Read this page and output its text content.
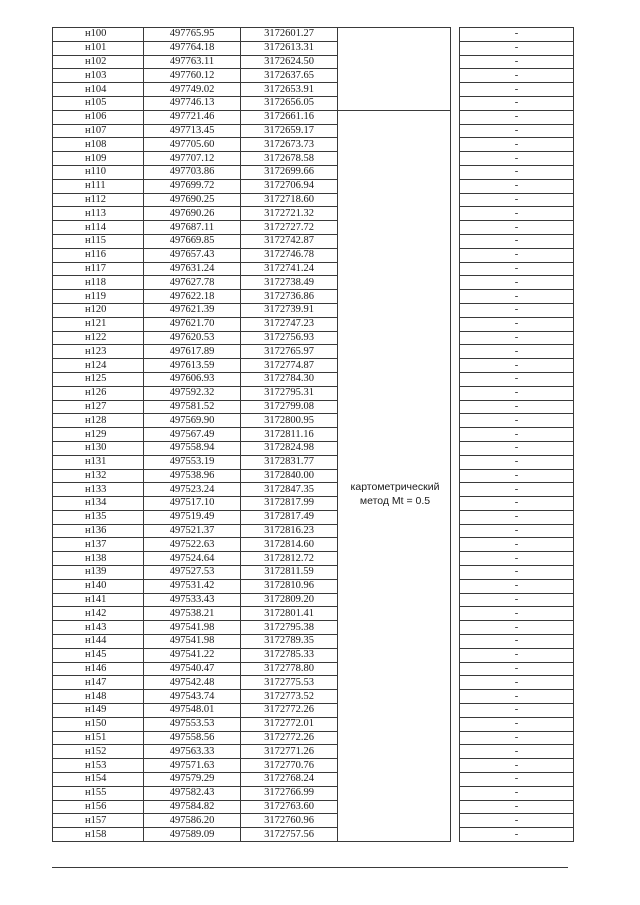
н100	497765.95	3172601.27			-
н101	497764.18	3172613.31			-
н102	497763.11	3172624.50			-
н103	497760.12	3172637.65			-
н104	497749.02	3172653.91			-
н105	497746.13	3172656.05			-
н106	497721.46	3172661.16			-
н107	497713.45	3172659.17			-
н108	497705.60	3172673.73			-
н109	497707.12	3172678.58			-
н110	497703.86	3172699.66			-
н111	497699.72	3172706.94			-
н112	497690.25	3172718.60			-
н113	497690.26	3172721.32			-
н114	497687.11	3172727.72			-
н115	497669.85	3172742.87			-
н116	497657.43	3172746.78			-
н117	497631.24	3172741.24			-
н118	497627.78	3172738.49			-
н119	497622.18	3172736.86			-
н120	497621.39	3172739.91			-
н121	497621.70	3172747.23			-
н122	497620.53	3172756.93			-
н123	497617.89	3172765.97			-
н124	497613.59	3172774.87			-
н125	497606.93	3172784.30			-
н126	497592.32	3172795.31			-
н127	497581.52	3172799.08			-
н128	497569.90	3172800.95			-
н129	497567.49	3172811.16			-
н130	497558.94	3172824.98			-
н131	497553.19	3172831.77			-
н132	497538.96	3172840.00			-
н133	497523.24	3172847.35			-
н134	497517.10	3172817.99			-
н135	497519.49	3172817.49			-
н136	497521.37	3172816.23			-
н137	497522.63	3172814.60			-
н138	497524.64	3172812.72			-
н139	497527.53	3172811.59			-
н140	497531.42	3172810.96			-
н141	497533.43	3172809.20			-
н142	497538.21	3172801.41			-
н143	497541.98	3172795.38			-
н144	497541.98	3172789.35			-
н145	497541.22	3172785.33			-
н146	497540.47	3172778.80			-
н147	497542.48	3172775.53			-
н148	497543.74	3172773.52			-
н149	497548.01	3172772.26			-
н150	497553.53	3172772.01			-
н151	497558.56	3172772.26			-
н152	497563.33	3172771.26			-
н153	497571.63	3172770.76			-
н154	497579.29	3172768.24			-
н155	497582.43	3172766.99			-
н156	497584.82	3172763.60			-
н157	497586.20	3172760.96			-
н158	497589.09	3172757.56			-
картометрический
метод Mt = 0.5
